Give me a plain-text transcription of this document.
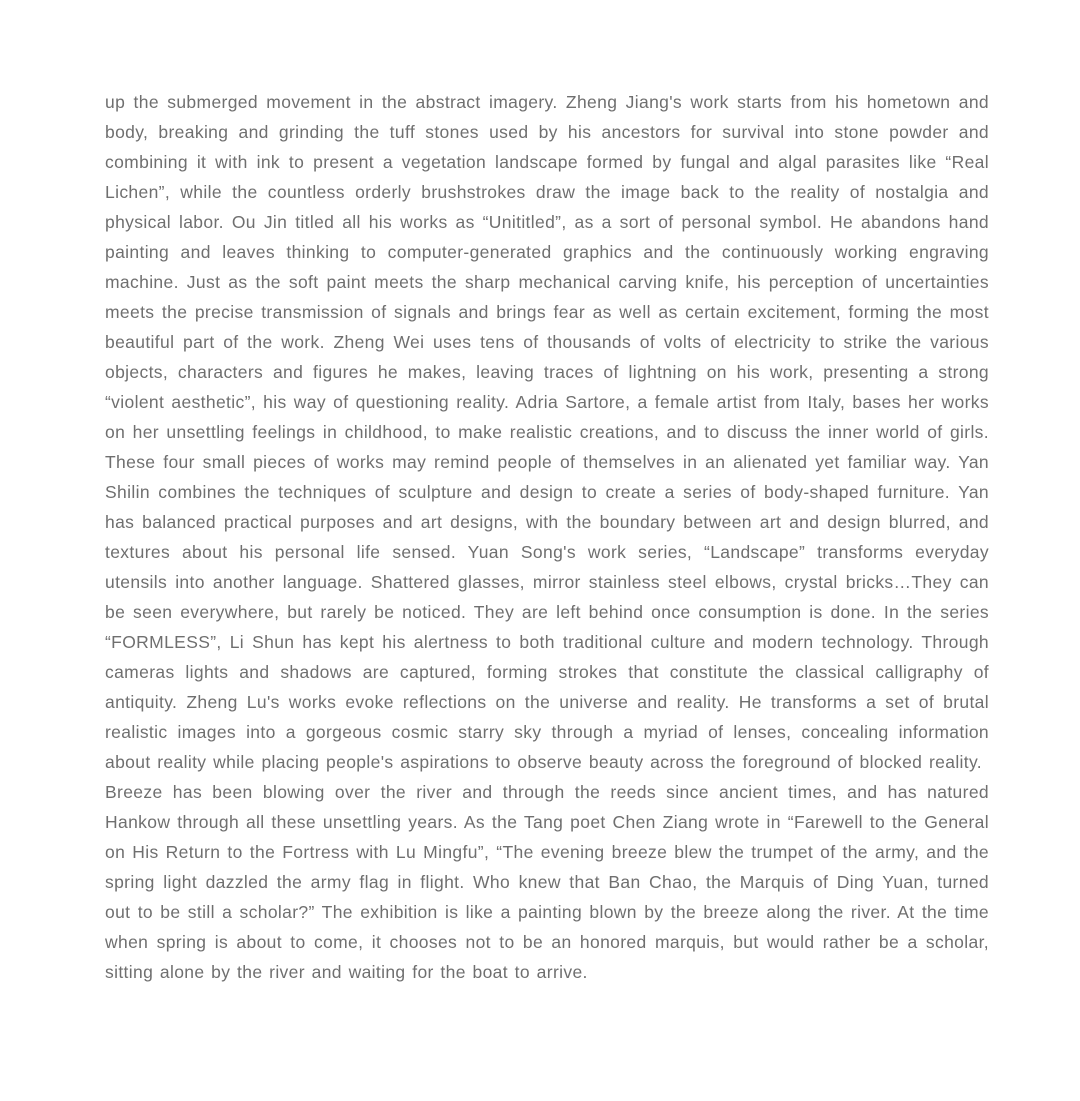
up the submerged movement in the abstract imagery. Zheng Jiang's work starts from his hometown and body, breaking and grinding the tuff stones used by his ancestors for survival into stone powder and combining it with ink to present a vegetation landscape formed by fungal and algal parasites like “Real Lichen”, while the countless orderly brushstrokes draw the image back to the reality of nostalgia and physical labor. Ou Jin titled all his works as “Unititled”, as a sort of personal symbol. He abandons hand painting and leaves thinking to computer-generated graphics and the continuously working engraving machine. Just as the soft paint meets the sharp mechanical carving knife, his perception of uncertainties meets the precise transmission of signals and brings fear as well as certain excitement, forming the most beautiful part of the work. Zheng Wei uses tens of thousands of volts of electricity to strike the various objects, characters and figures he makes, leaving traces of lightning on his work, presenting a strong “violent aesthetic”, his way of questioning reality. Adria Sartore, a female artist from Italy, bases her works on her unsettling feelings in childhood, to make realistic creations, and to discuss the inner world of girls. These four small pieces of works may remind people of themselves in an alienated yet familiar way. Yan Shilin combines the techniques of sculpture and design to create a series of body-shaped furniture. Yan has balanced practical purposes and art designs, with the boundary between art and design blurred, and textures about his personal life sensed. Yuan Song's work series, “Landscape” transforms everyday utensils into another language. Shattered glasses, mirror stainless steel elbows, crystal bricks…They can be seen everywhere, but rarely be noticed. They are left behind once consumption is done. In the series “FORMLESS”, Li Shun has kept his alertness to both traditional culture and modern technology. Through cameras lights and shadows are captured, forming strokes that constitute the classical calligraphy of antiquity. Zheng Lu's works evoke reflections on the universe and reality. He transforms a set of brutal realistic images into a gorgeous cosmic starry sky through a myriad of lenses, concealing information about reality while placing people's aspirations to observe beauty across the foreground of blocked reality.

Breeze has been blowing over the river and through the reeds since ancient times, and has natured Hankow through all these unsettling years. As the Tang poet Chen Ziang wrote in “Farewell to the General on His Return to the Fortress with Lu Mingfu”, “The evening breeze blew the trumpet of the army, and the spring light dazzled the army flag in flight. Who knew that Ban Chao, the Marquis of Ding Yuan, turned out to be still a scholar?” The exhibition is like a painting blown by the breeze along the river. At the time when spring is about to come, it chooses not to be an honored marquis, but would rather be a scholar, sitting alone by the river and waiting for the boat to arrive.
